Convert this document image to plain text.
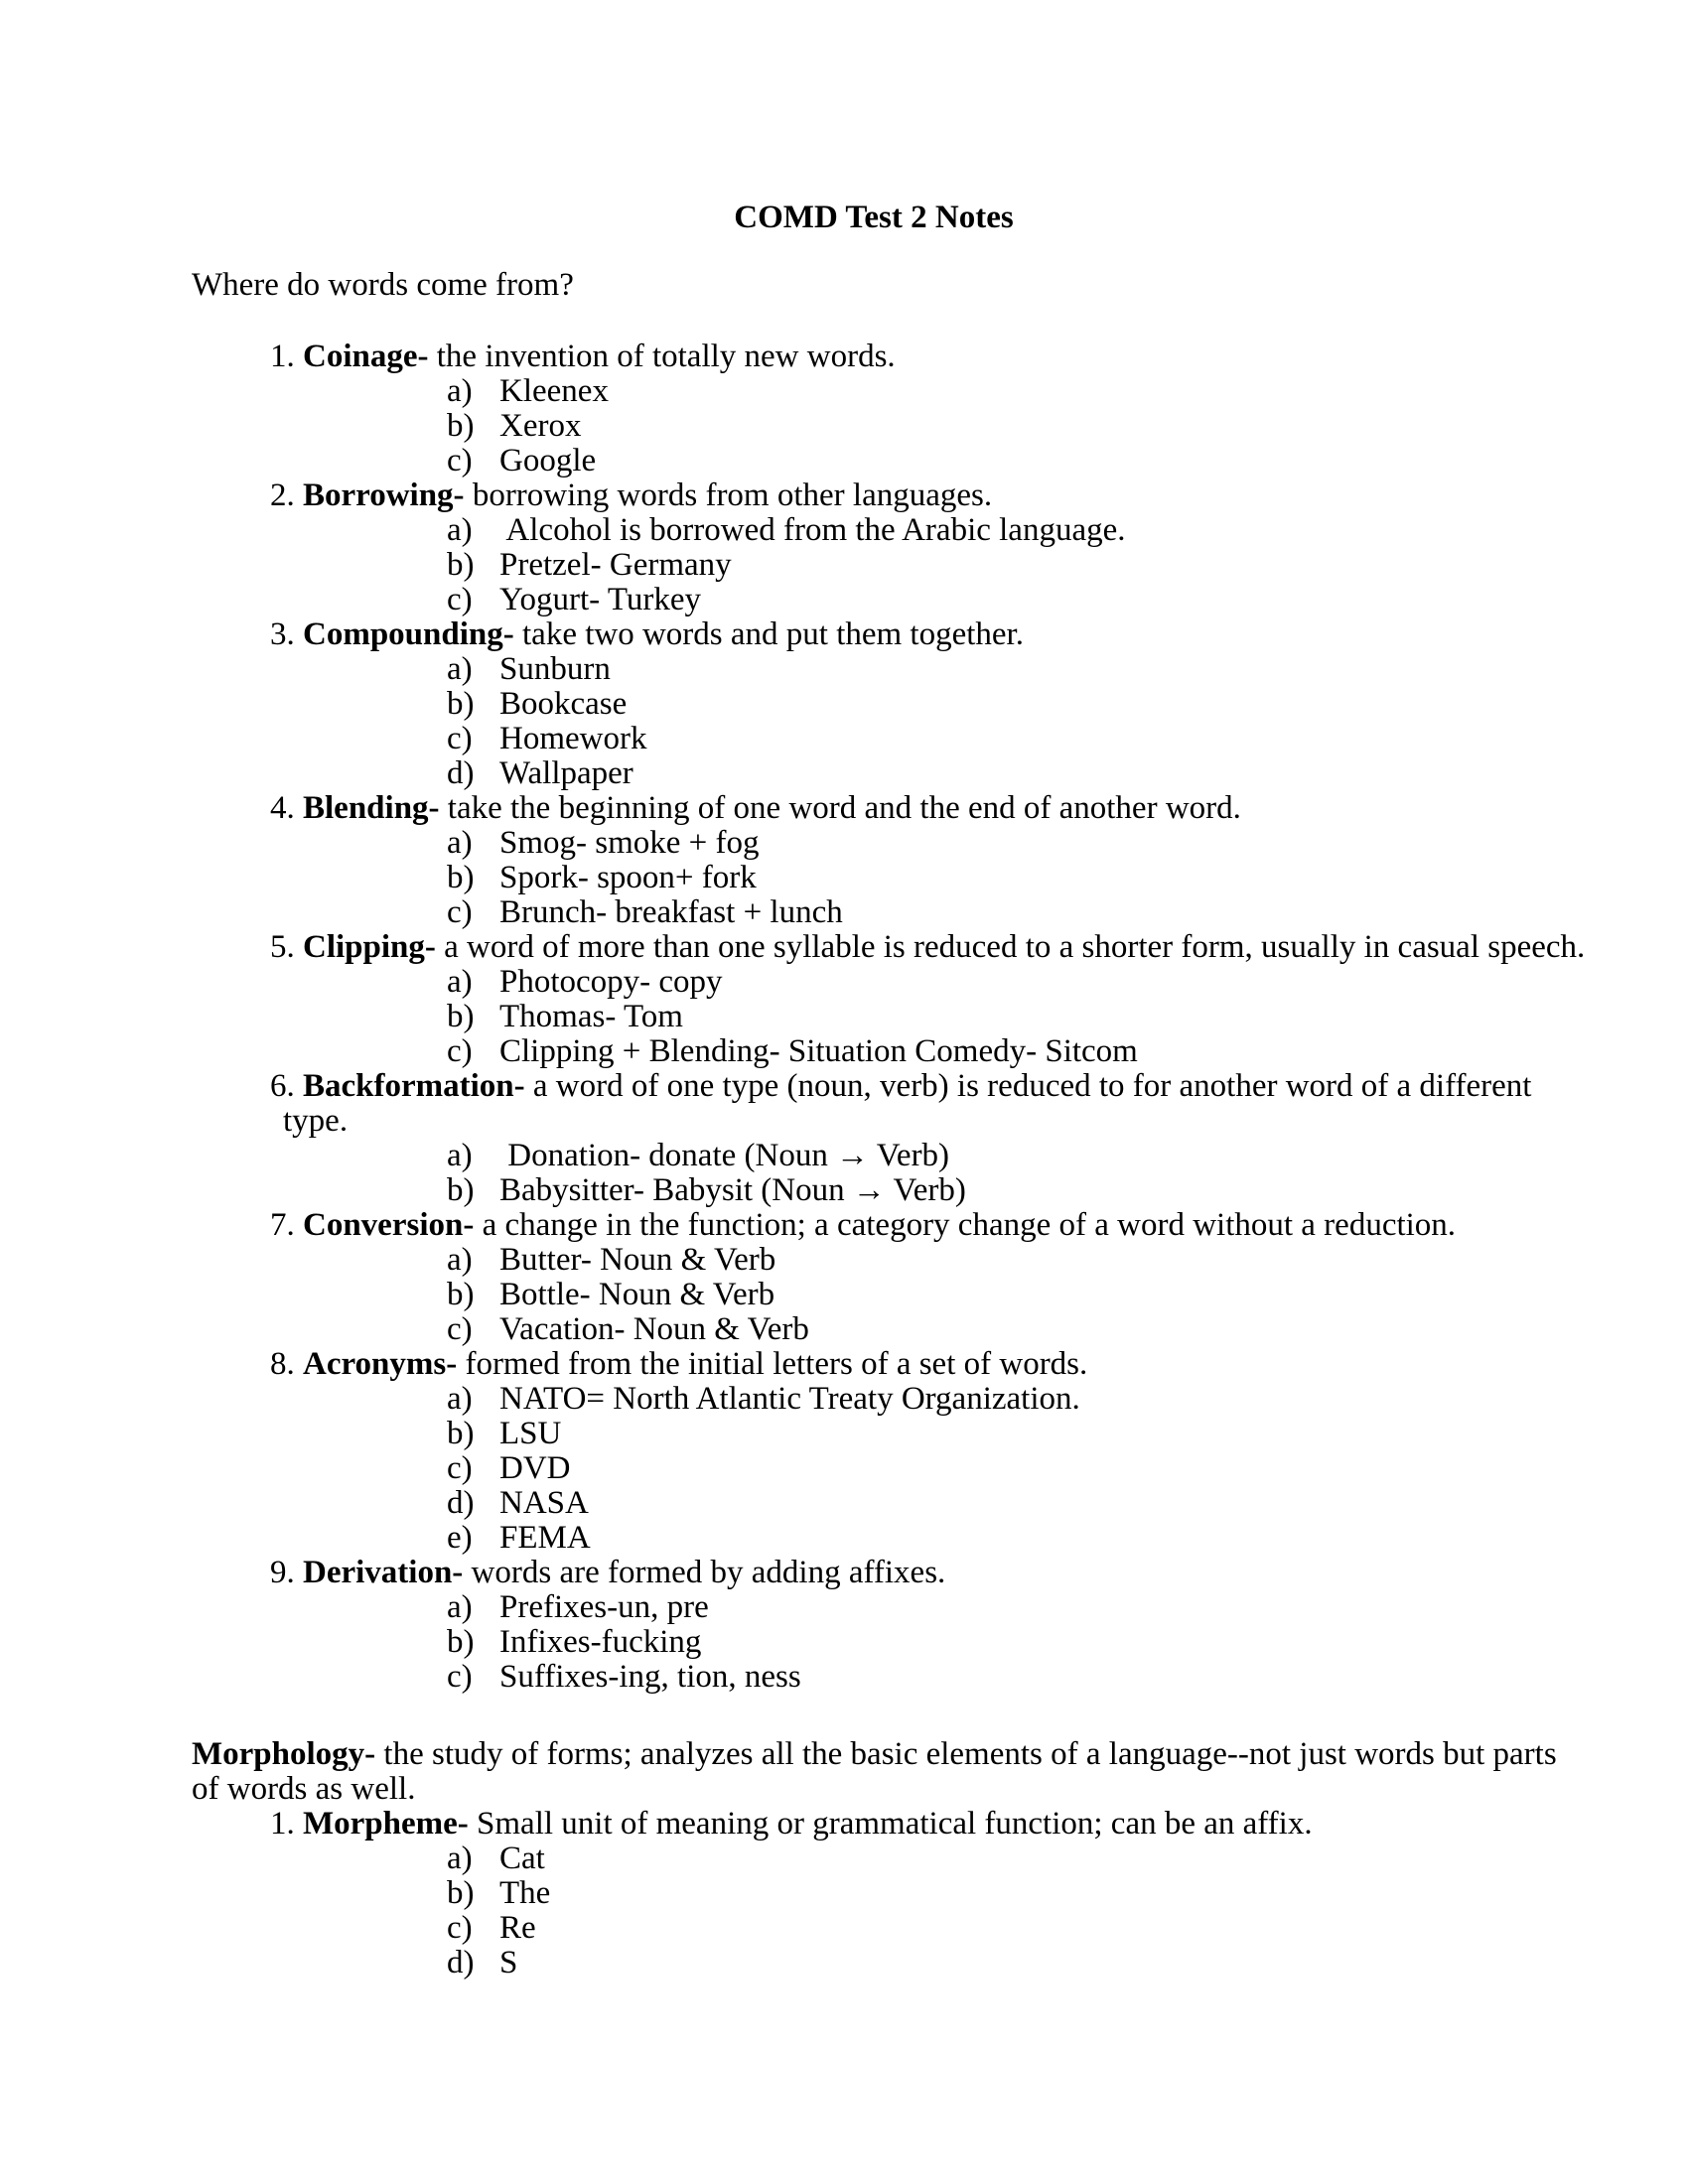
COMD Test 2 Notes

Where do words come from?

1. Coinage- the invention of totally new words.
a) Kleenex
b) Xerox
c) Google
2. Borrowing- borrowing words from other languages.
a) Alcohol is borrowed from the Arabic language.
b) Pretzel- Germany
c) Yogurt- Turkey
3. Compounding- take two words and put them together.
a) Sunburn
b) Bookcase
c) Homework
d) Wallpaper
4. Blending- take the beginning of one word and the end of another word.
a) Smog- smoke + fog
b) Spork- spoon+ fork
c) Brunch- breakfast + lunch
5. Clipping- a word of more than one syllable is reduced to a shorter form, usually in casual speech.
a) Photocopy- copy
b) Thomas- Tom
c) Clipping + Blending- Situation Comedy- Sitcom
6. Backformation- a word of one type (noun, verb) is reduced to for another word of a different
type.
a) Donation- donate (Noun → Verb)
b) Babysitter- Babysit (Noun → Verb)
7. Conversion- a change in the function; a category change of a word without a reduction.
a) Butter- Noun & Verb
b) Bottle- Noun & Verb
c) Vacation- Noun & Verb
8. Acronyms- formed from the initial letters of a set of words.
a) NATO= North Atlantic Treaty Organization.
b) LSU
c) DVD
d) NASA
e) FEMA
9. Derivation- words are formed by adding affixes.
a) Prefixes-un, pre
b) Infixes-fucking
c) Suffixes-ing, tion, ness
Morphology- the study of forms; analyzes all the basic elements of a language--not just words but parts
of words as well.
1. Morpheme- Small unit of meaning or grammatical function; can be an affix.
a) Cat
b) The
c) Re
d) S
